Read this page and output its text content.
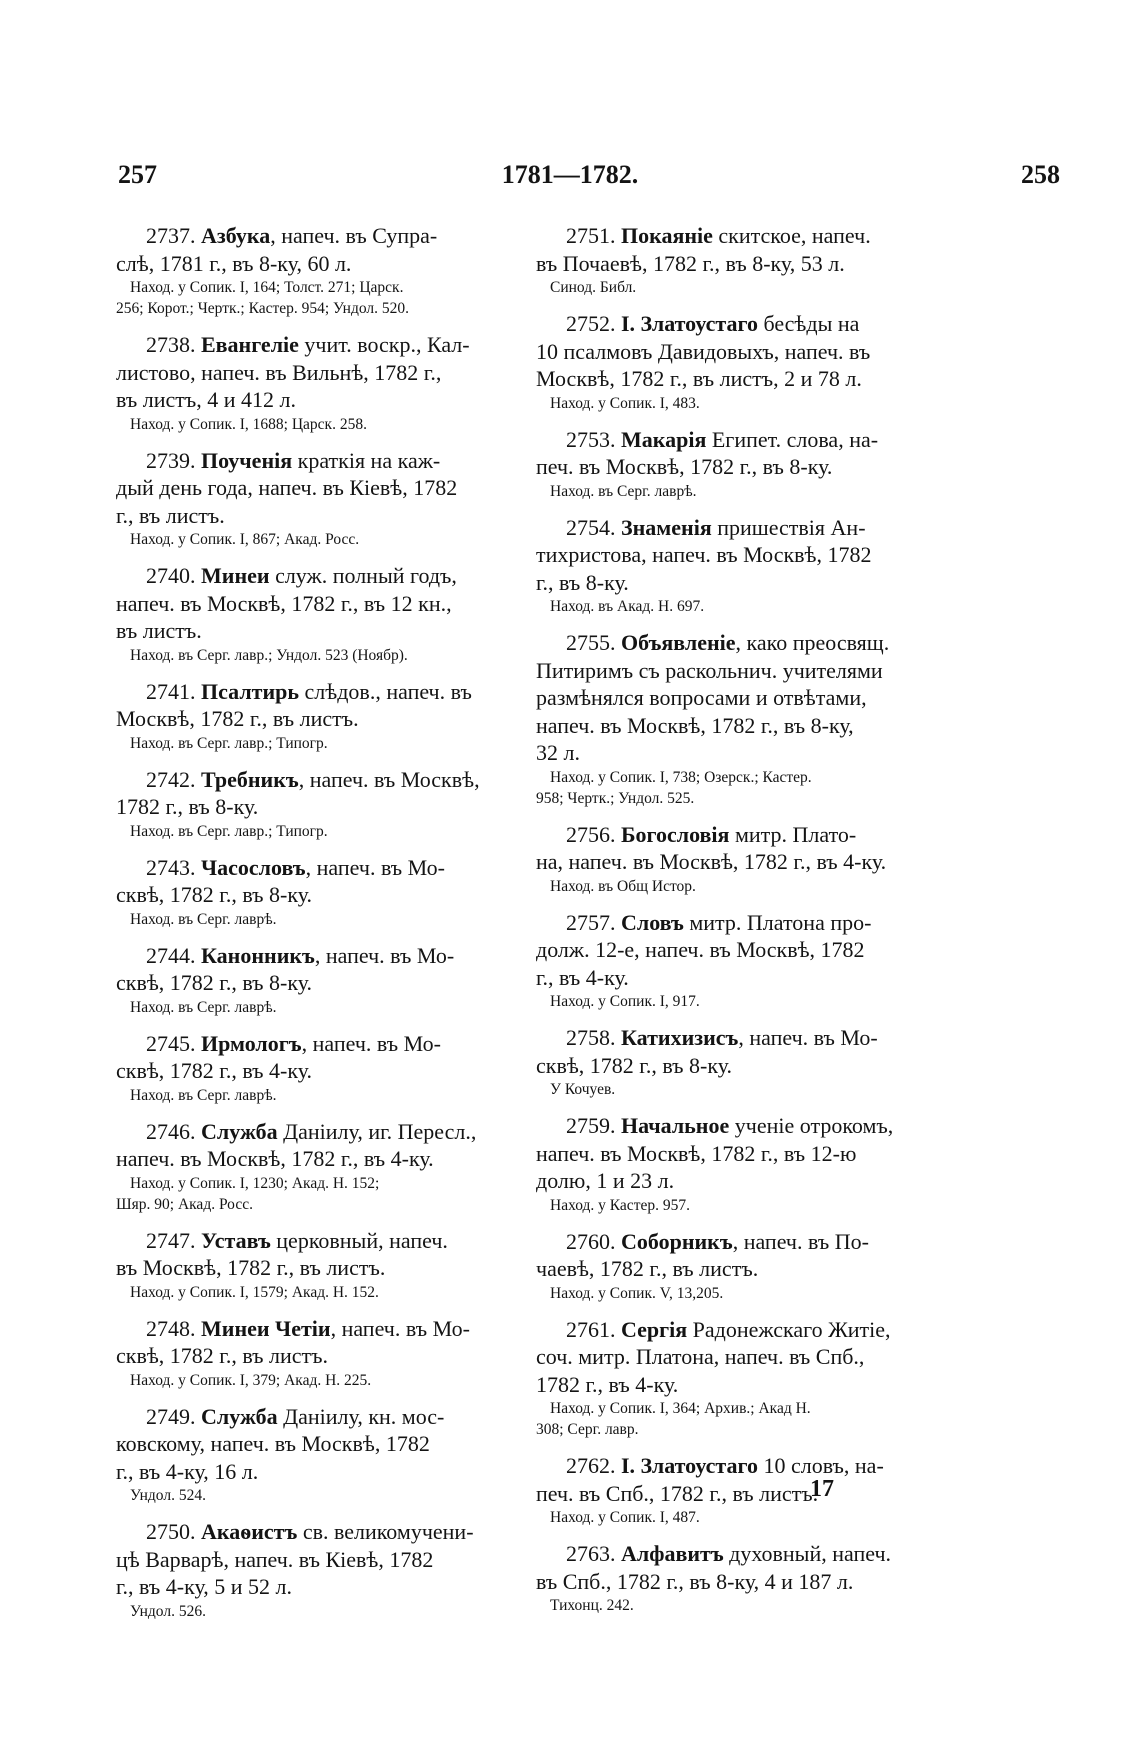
257	1781—1782.	258
2737. Азбука, напеч. въ Супра-
слѣ, 1781 г., въ 8-ку, 60 л.
Наход. у Сопик. I, 164; Толст. 271; Царск.
256; Корот.; Чертк.; Кастер. 954; Ундол. 520.
2738. Евангеліе учит. воскр., Кал-
листово, напеч. въ Вильнѣ, 1782 г.,
въ листъ, 4 и 412 л.
Наход. у Сопик. I, 1688; Царск. 258.
2739. Поученія краткія на каж-
дый день года, напеч. въ Кіевѣ, 1782
г., въ листъ.
Наход. у Сопик. I, 867; Акад. Росс.
2740. Минеи служ. полный годъ,
напеч. въ Москвѣ, 1782 г., въ 12 кн.,
въ листъ.
Наход. въ Серг. лавр.; Ундол. 523 (Ноябр).
2741. Псалтирь слѣдов., напеч. въ
Москвѣ, 1782 г., въ листъ.
Наход. въ Серг. лавр.; Типогр.
2742. Требникъ, напеч. въ Москвѣ,
1782 г., въ 8-ку.
Наход. въ Серг. лавр.; Типогр.
2743. Часословъ, напеч. въ Мо-
сквѣ, 1782 г., въ 8-ку.
Наход. въ Серг. лаврѣ.
2744. Канонникъ, напеч. въ Мо-
сквѣ, 1782 г., въ 8-ку.
Наход. въ Серг. лаврѣ.
2745. Ирмологъ, напеч. въ Мо-
сквѣ, 1782 г., въ 4-ку.
Наход. въ Серг. лаврѣ.
2746. Служба Даніилу, иг. Пересл.,
напеч. въ Москвѣ, 1782 г., въ 4-ку.
Наход. у Сопик. I, 1230; Акад. Н. 152;
Шяр. 90; Акад. Росс.
2747. Уставъ церковный, напеч.
въ Москвѣ, 1782 г., въ листъ.
Наход. у Сопик. I, 1579; Акад. Н. 152.
2748. Минеи Четіи, напеч. въ Мо-
сквѣ, 1782 г., въ листъ.
Наход. у Сопик. I, 379; Акад. Н. 225.
2749. Служба Даніилу, кн. мос-
ковскому, напеч. въ Москвѣ, 1782
г., въ 4-ку, 16 л.
Ундол. 524.
2750. Акаѳистъ св. великомучени-
цѣ Варварѣ, напеч. въ Кіевѣ, 1782
г., въ 4-ку, 5 и 52 л.
Ундол. 526.
2751. Покаяніе скитское, напеч.
въ Почаевѣ, 1782 г., въ 8-ку, 53 л.
Синод. Библ.
2752. I. Златоустаго бесѣды на
10 псалмовъ Давидовыхъ, напеч. въ
Москвѣ, 1782 г., въ листъ, 2 и 78 л.
Наход. у Сопик. I, 483.
2753. Макарія Египет. слова, на-
печ. въ Москвѣ, 1782 г., въ 8-ку.
Наход. въ Серг. лаврѣ.
2754. Знаменія пришествія Ан-
тихристова, напеч. въ Москвѣ, 1782
г., въ 8-ку.
Наход. въ Акад. Н. 697.
2755. Объявленіе, како преосвящ.
Питиримъ съ раскольнич. учителями
размѣнялся вопросами и отвѣтами,
напеч. въ Москвѣ, 1782 г., въ 8-ку,
32 л.
Наход. у Сопик. I, 738; Озерск.; Кастер.
958; Чертк.; Ундол. 525.
2756. Богословія митр. Плато-
на, напеч. въ Москвѣ, 1782 г., въ 4-ку.
Наход. въ Общ Истор.
2757. Словъ митр. Платона про-
долж. 12-е, напеч. въ Москвѣ, 1782
г., въ 4-ку.
Наход. у Сопик. I, 917.
2758. Катихизисъ, напеч. въ Мо-
сквѣ, 1782 г., въ 8-ку.
У Кочуев.
2759. Начальное ученіе отрокомъ,
напеч. въ Москвѣ, 1782 г., въ 12-ю
долю, 1 и 23 л.
Наход. у Кастер. 957.
2760. Соборникъ, напеч. въ По-
чаевѣ, 1782 г., въ листъ.
Наход. у Сопик. V, 13,205.
2761. Сергія Радонежскаго Житіе,
соч. митр. Платона, напеч. въ Спб.,
1782 г., въ 4-ку.
Наход. у Сопик. I, 364; Архив.; Акад Н.
308; Серг. лавр.
2762. I. Златоустаго 10 словъ, на-
печ. въ Спб., 1782 г., въ листъ.
Наход. у Сопик. I, 487.
2763. Алфавитъ духовный, напеч.
въ Спб., 1782 г., въ 8-ку, 4 и 187 л.
Тихонц. 242.
17
